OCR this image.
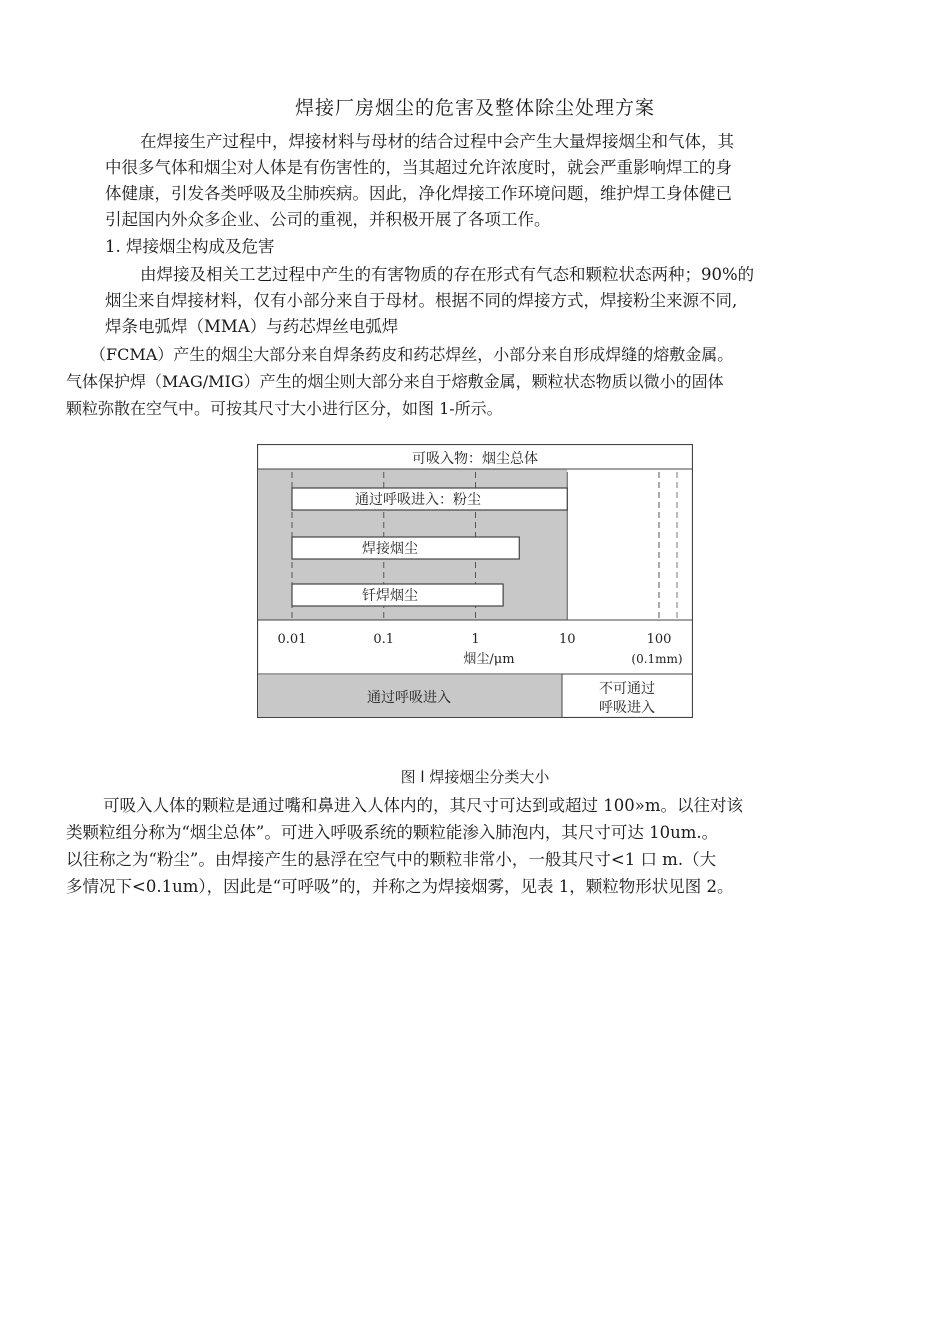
焊接厂房烟尘的危害及整体除尘处理方案
在焊接生产过程中，焊接材料与母材的结合过程中会产生大量焊接烟尘和气体，其
中很多气体和烟尘对人体是有伤害性的，当其超过允许浓度时，就会严重影响焊工的身
体健康，引发各类呼吸及尘肺疾病。因此，净化焊接工作环境问题，维护焊工身体健已
引起国内外众多企业、公司的重视，并积极开展了各项工作。
1. 焊接烟尘构成及危害
由焊接及相关工艺过程中产生的有害物质的存在形式有气态和颗粒状态两种；90%的
烟尘来自焊接材料，仅有小部分来自于母材。根据不同的焊接方式，焊接粉尘来源不同,
焊条电弧焊（MMA）与药芯焊丝电弧焊
（FCMA）产生的烟尘大部分来自焊条药皮和药芯焊丝，小部分来自形成焊缝的熔敷金属。
气体保护焊（MAG/MIG）产生的烟尘则大部分来自于熔敷金属，颗粒状态物质以微小的固体
颗粒弥散在空气中。可按其尺寸大小进行区分，如图 1-所示。
可吸入物：烟尘总体
通过呼吸进入
不可通过
呼吸进入
烟尘/μm	(0.1mm)
0.01	0.1	1	10	100
通过呼吸进入：粉尘
焊接烟尘
钎焊烟尘
图 l 焊接烟尘分类大小
可吸入人体的颗粒是通过嘴和鼻进入人体内的，其尺寸可达到或超过 100»m。以往对该
类颗粒组分称为“烟尘总体”。可进入呼吸系统的颗粒能渗入肺泡内，其尺寸可达 10um.。
以往称之为“粉尘”。由焊接产生的悬浮在空气中的颗粒非常小，一般其尺寸<1 口 m.（大
多情况下<0.1um），因此是“可呼吸”的，并称之为焊接烟雾，见表 1，颗粒物形状见图 2。
